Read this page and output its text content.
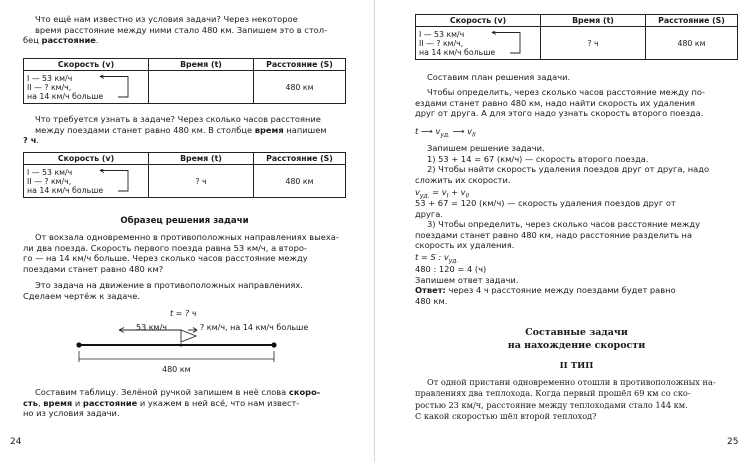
Что ещё нам известно из условия задачи? Через некоторое
время расстояние между ними стало 480 км. Запишем это в стол-
бец расстояние.

Скорость (v)	Время (t)	Расстояние (S)

I — 53 км/ч
II — ? км/ч,
на 14 км/ч больше		480 км

Что требуется узнать в задаче? Через сколько часов расстояние
между поездами станет равно 480 км. В столбце время напишем
? ч.

Скорость (v)	Время (t)	Расстояние (S)

I — 53 км/ч
II — ? км/ч,
на 14 км/ч больше	? ч	480 км
Образец решения задачи

От вокзала одновременно в противоположных направлениях выеха-
ли два поезда. Скорость первого поезда равна 53 км/ч, а второ-
го — на 14 км/ч больше. Через сколько часов расстояние между
поездами станет равно 480 км?

Это задача на движение в противоположных направлениях.
Сделаем чертёж к задаче.

t = ? ч
53 км/ч	? км/ч, на 14 км/ч больше
480 км

Составим таблицу. Зелёной ручкой запишем в неё слова скоро-
сть, время и расстояние и укажем в ней всё, что нам извест-
но из условия задачи.

24
Скорость (v)	Время (t)	Расстояние (S)

I — 53 км/ч
II — ? км/ч,
на 14 км/ч больше	? ч	480 км

Составим план решения задачи.

Чтобы определить, через сколько часов расстояние между по-
ездами станет равно 480 км, надо найти скорость их удаления
друг от друга. А для этого надо узнать скорость второго поезда.

t ⟶ $v_{уд.}$ ⟶ $v_{II}$

Запишем решение задачи.
1) 53 + 14 = 67 (км/ч) — скорость второго поезда.
2) Чтобы найти скорость удаления поездов друг от друга, надо
сложить их скорости.

$v_{уд.} = v_I + v_{II}$

53 + 67 = 120 (км/ч) — скорость удаления поездов друг от
друга.
3) Чтобы определить, через сколько часов расстояние между
поездами станет равно 480 км, надо расстояние разделить на
скорость их удаления.

t = S : $v_{уд.}$

480 : 120 = 4 (ч)
Запишем ответ задачи.
Ответ: через 4 ч расстояние между поездами будет равно
480 км.

Составные задачи
на нахождение скорости
II ТИП

От одной пристани одновременно отошли в противоположных на-
правлениях два теплохода. Когда первый прошёл 69 км со ско-
ростью 23 км/ч, расстояние между теплоходами стало 144 км.
С какой скоростью шёл второй теплоход?

25
